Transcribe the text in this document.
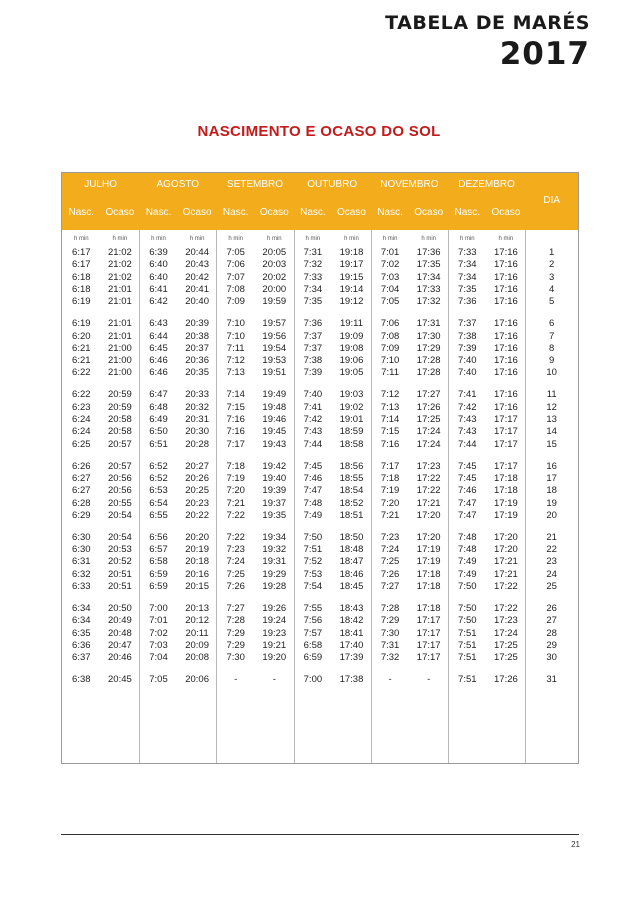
TABELA DE MARÉS
2017
NASCIMENTO E OCASO DO SOL
JULHO
Nasc.	Ocaso
AGOSTO
Nasc.	Ocaso
SETEMBRO
Nasc.	Ocaso
OUTUBRO
Nasc.	Ocaso
NOVEMBRO
Nasc.	Ocaso
DEZEMBRO
Nasc.	Ocaso
DIA
h min	h min	h min	h min	h min	h min	h min	h min	h min	h min	h min	h min
6:17	21:02	6:39	20:44	7:05	20:05	7:31	19:18	7:01	17:36	7:33	17:16	1
6:17	21:02	6:40	20:43	7:06	20:03	7:32	19:17	7:02	17:35	7:34	17:16	2
6:18	21:02	6:40	20:42	7:07	20:02	7:33	19:15	7:03	17:34	7:34	17:16	3
6:18	21:01	6:41	20:41	7:08	20:00	7:34	19:14	7:04	17:33	7:35	17:16	4
6:19	21:01	6:42	20:40	7:09	19:59	7:35	19:12	7:05	17:32	7:36	17:16	5
6:19	21:01	6:43	20:39	7:10	19:57	7:36	19:11	7:06	17:31	7:37	17:16	6
6:20	21:01	6:44	20:38	7:10	19:56	7:37	19:09	7:08	17:30	7:38	17:16	7
6:21	21:00	6:45	20:37	7:11	19:54	7:37	19:08	7:09	17:29	7:39	17:16	8
6:21	21:00	6:46	20:36	7:12	19:53	7:38	19:06	7:10	17:28	7:40	17:16	9
6:22	21:00	6:46	20:35	7:13	19:51	7:39	19:05	7:11	17:28	7:40	17:16	10
6:22	20:59	6:47	20:33	7:14	19:49	7:40	19:03	7:12	17:27	7:41	17:16	11
6:23	20:59	6:48	20:32	7:15	19:48	7:41	19:02	7:13	17:26	7:42	17:16	12
6:24	20:58	6:49	20:31	7:16	19:46	7:42	19:01	7:14	17:25	7:43	17:17	13
6:24	20:58	6:50	20:30	7:16	19:45	7:43	18:59	7:15	17:24	7:43	17:17	14
6:25	20:57	6:51	20:28	7:17	19:43	7:44	18:58	7:16	17:24	7:44	17:17	15
6:26	20:57	6:52	20:27	7:18	19:42	7:45	18:56	7:17	17:23	7:45	17:17	16
6:27	20:56	6:52	20:26	7:19	19:40	7:46	18:55	7:18	17:22	7:45	17:18	17
6:27	20:56	6:53	20:25	7:20	19:39	7:47	18:54	7:19	17:22	7:46	17:18	18
6:28	20:55	6:54	20:23	7:21	19:37	7:48	18:52	7:20	17:21	7:47	17:19	19
6:29	20:54	6:55	20:22	7:22	19:35	7:49	18:51	7:21	17:20	7:47	17:19	20
6:30	20:54	6:56	20:20	7:22	19:34	7:50	18:50	7:23	17:20	7:48	17:20	21
6:30	20:53	6:57	20:19	7:23	19:32	7:51	18:48	7:24	17:19	7:48	17:20	22
6:31	20:52	6:58	20:18	7:24	19:31	7:52	18:47	7:25	17:19	7:49	17:21	23
6:32	20:51	6:59	20:16	7:25	19:29	7:53	18:46	7:26	17:18	7:49	17:21	24
6:33	20:51	6:59	20:15	7:26	19:28	7:54	18:45	7:27	17:18	7:50	17:22	25
6:34	20:50	7:00	20:13	7:27	19:26	7:55	18:43	7:28	17:18	7:50	17:22	26
6:34	20:49	7:01	20:12	7:28	19:24	7:56	18:42	7:29	17:17	7:50	17:23	27
6:35	20:48	7:02	20:11	7:29	19:23	7:57	18:41	7:30	17:17	7:51	17:24	28
6:36	20:47	7:03	20:09	7:29	19:21	6:58	17:40	7:31	17:17	7:51	17:25	29
6:37	20:46	7:04	20:08	7:30	19:20	6:59	17:39	7:32	17:17	7:51	17:25	30
6:38	20:45	7:05	20:06	-	-	7:00	17:38	-	-	7:51	17:26	31
21
